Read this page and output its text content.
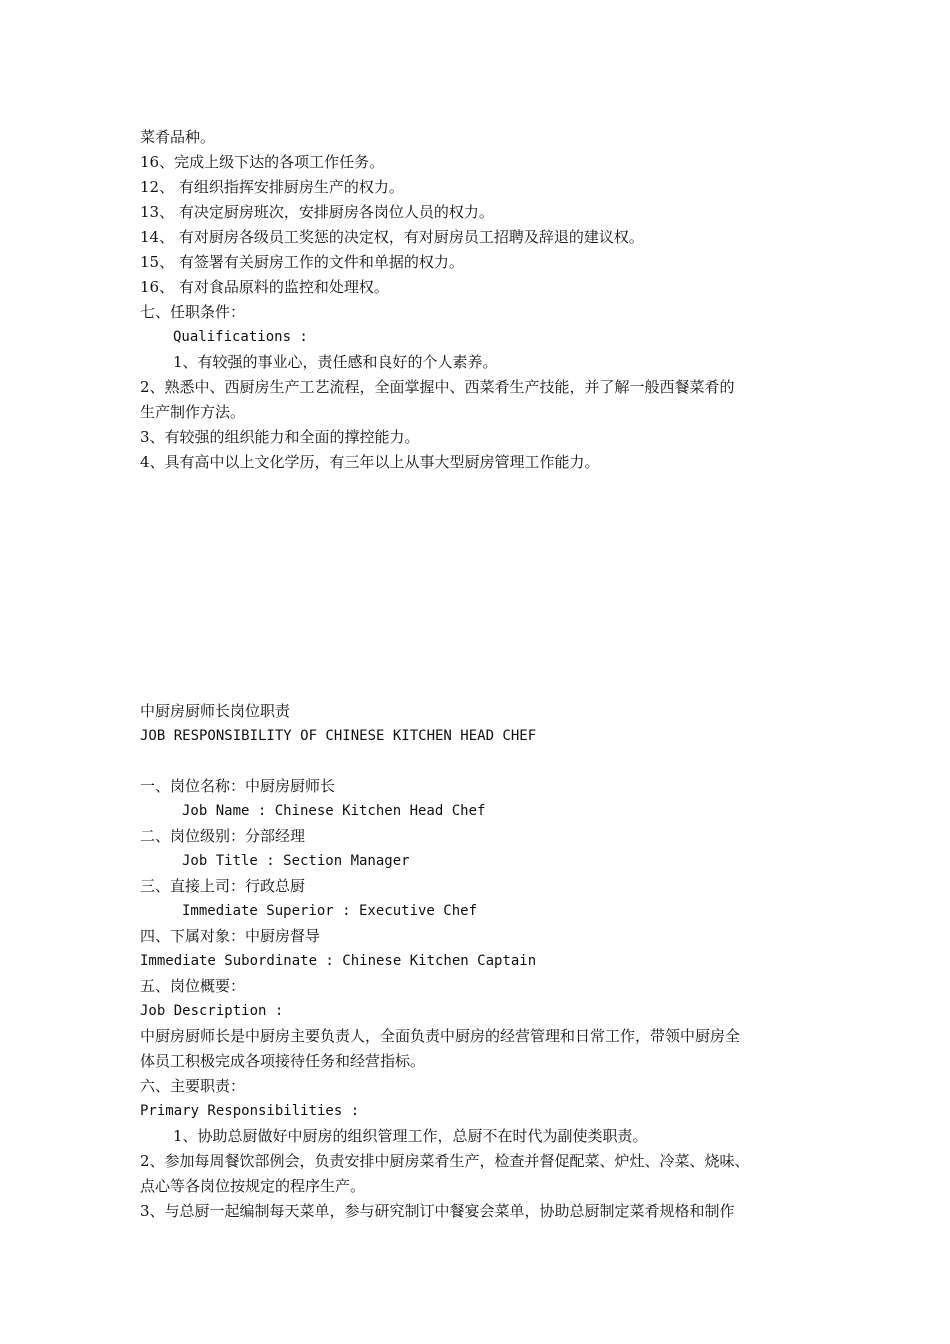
菜肴品种。
16、完成上级下达的各项工作任务。
12、 有组织指挥安排厨房生产的权力。
13、 有决定厨房班次，安排厨房各岗位人员的权力。
14、 有对厨房各级员工奖惩的决定权，有对厨房员工招聘及辞退的建议权。
15、 有签署有关厨房工作的文件和单据的权力。
16、 有对食品原料的监控和处理权。
七、任职条件：
Qualifications :
1、有较强的事业心，责任感和良好的个人素养。
2、熟悉中、西厨房生产工艺流程，全面掌握中、西菜肴生产技能，并了解一般西餐菜肴的
生产制作方法。
3、有较强的组织能力和全面的撑控能力。
4、具有高中以上文化学历，有三年以上从事大型厨房管理工作能力。
中厨房厨师长岗位职责
JOB RESPONSIBILITY OF CHINESE KITCHEN HEAD CHEF
一、岗位名称：中厨房厨师长
Job Name : Chinese Kitchen Head Chef
二、岗位级别：分部经理
Job Title : Section Manager
三、直接上司：行政总厨
Immediate Superior : Executive Chef
四、下属对象：中厨房督导
Immediate Subordinate : Chinese Kitchen Captain
五、岗位概要：
Job Description :
中厨房厨师长是中厨房主要负责人，全面负责中厨房的经营管理和日常工作，带领中厨房全
体员工积极完成各项接待任务和经营指标。
六、主要职责：
Primary Responsibilities :
1、协助总厨做好中厨房的组织管理工作，总厨不在时代为副使类职责。
2、参加每周餐饮部例会，负责安排中厨房菜肴生产，检查并督促配菜、炉灶、冷菜、烧味、
点心等各岗位按规定的程序生产。
3、与总厨一起编制每天菜单，参与研究制订中餐宴会菜单，协助总厨制定菜肴规格和制作
